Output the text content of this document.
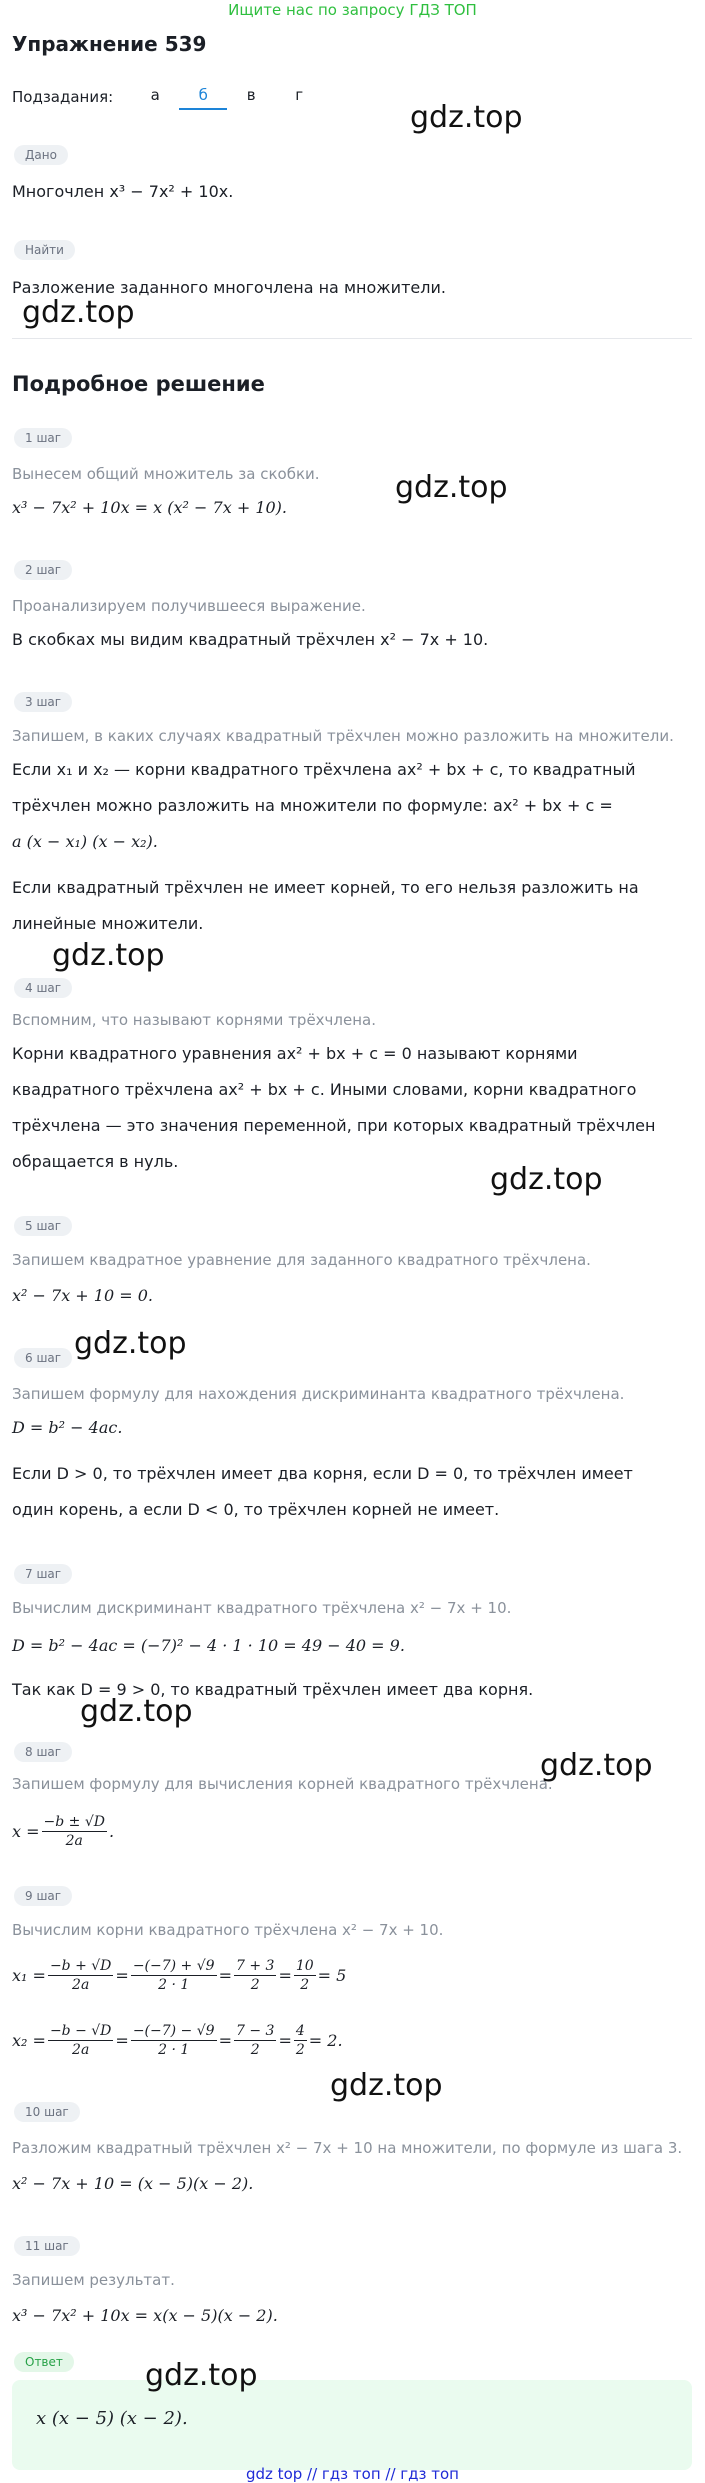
Ищите нас по запросу ГДЗ ТОП
Упражнение 539
Подзадания:	а	б	в	г
Дано
Многочлен x³ − 7x² + 10x.
Найти
Разложение заданного многочлена на множители.
Подробное решение
1 шаг
Вынесем общий множитель за скобки.
x³ − 7x² + 10x = x (x² − 7x + 10).
2 шаг
Проанализируем получившееся выражение.
В скобках мы видим квадратный трёхчлен x² − 7x + 10.
3 шаг
Запишем, в каких случаях квадратный трёхчлен можно разложить на множители.
Если x₁ и x₂ — корни квадратного трёхчлена ax² + bx + c, то квадратный
трёхчлен можно разложить на множители по формуле: ax² + bx + c =
a (x − x₁) (x − x₂).
Если квадратный трёхчлен не имеет корней, то его нельзя разложить на
линейные множители.
4 шаг
Вспомним, что называют корнями трёхчлена.
Корни квадратного уравнения ax² + bx + c = 0 называют корнями
квадратного трёхчлена ax² + bx + c. Иными словами, корни квадратного
трёхчлена — это значения переменной, при которых квадратный трёхчлен
обращается в нуль.
5 шаг
Запишем квадратное уравнение для заданного квадратного трёхчлена.
x² − 7x + 10 = 0.
6 шаг
Запишем формулу для нахождения дискриминанта квадратного трёхчлена.
D = b² − 4ac.
Если D > 0, то трёхчлен имеет два корня, если D = 0, то трёхчлен имеет
один корень, а если D < 0, то трёхчлен корней не имеет.
7 шаг
Вычислим дискриминант квадратного трёхчлена x² − 7x + 10.
D = b² − 4ac = (−7)² − 4 · 1 · 10 = 49 − 40 = 9.
Так как D = 9 > 0, то квадратный трёхчлен имеет два корня.
8 шаг
Запишем формулу для вычисления корней квадратного трёхчлена.
$x = \frac{-b \pm √D}{2a}$ .
9 шаг
Вычислим корни квадратного трёхчлена x² − 7x + 10.
$x_1 = \frac{-b + √D}{2a} = \frac{-(-7) + √9}{2 \cdot 1} = \frac{7 + 3}{2} = \frac{10}{2} = 5$
$x_2 = \frac{-b - √D}{2a} = \frac{-(-7) - √9}{2 \cdot 1} = \frac{7 - 3}{2} = \frac{4}{2} = 2$.
10 шаг
Разложим квадратный трёхчлен x² − 7x + 10 на множители, по формуле из шага 3.
x² − 7x + 10 = (x − 5)(x − 2).
11 шаг
Запишем результат.
x³ − 7x² + 10x = x(x − 5)(x − 2).
Ответ
x (x − 5) (x − 2).
gdz.top
gdz.top
gdz.top
gdz.top
gdz.top
gdz.top
gdz.top
gdz.top
gdz.top
gdz.top
gdz top // гдз топ // гдз топ
